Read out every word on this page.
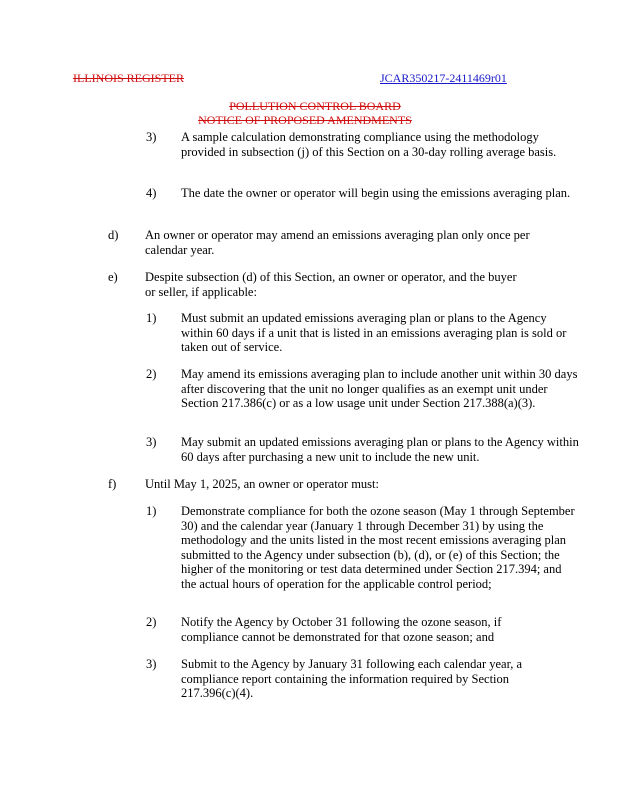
ILLINOIS REGISTER	JCAR350217-2411469r01
POLLUTION CONTROL BOARD
NOTICE OF PROPOSED AMENDMENTS
3) A sample calculation demonstrating compliance using the methodology provided in subsection (j) of this Section on a 30-day rolling average basis.
4) The date the owner or operator will begin using the emissions averaging plan.
d) An owner or operator may amend an emissions averaging plan only once per calendar year.
e) Despite subsection (d) of this Section, an owner or operator, and the buyer or seller, if applicable:
1) Must submit an updated emissions averaging plan or plans to the Agency within 60 days if a unit that is listed in an emissions averaging plan is sold or taken out of service.
2) May amend its emissions averaging plan to include another unit within 30 days after discovering that the unit no longer qualifies as an exempt unit under Section 217.386(c) or as a low usage unit under Section 217.388(a)(3).
3) May submit an updated emissions averaging plan or plans to the Agency within 60 days after purchasing a new unit to include the new unit.
f) Until May 1, 2025, an owner or operator must:
1) Demonstrate compliance for both the ozone season (May 1 through September 30) and the calendar year (January 1 through December 31) by using the methodology and the units listed in the most recent emissions averaging plan submitted to the Agency under subsection (b), (d), or (e) of this Section; the higher of the monitoring or test data determined under Section 217.394; and the actual hours of operation for the applicable control period;
2) Notify the Agency by October 31 following the ozone season, if compliance cannot be demonstrated for that ozone season; and
3) Submit to the Agency by January 31 following each calendar year, a compliance report containing the information required by Section 217.396(c)(4).
